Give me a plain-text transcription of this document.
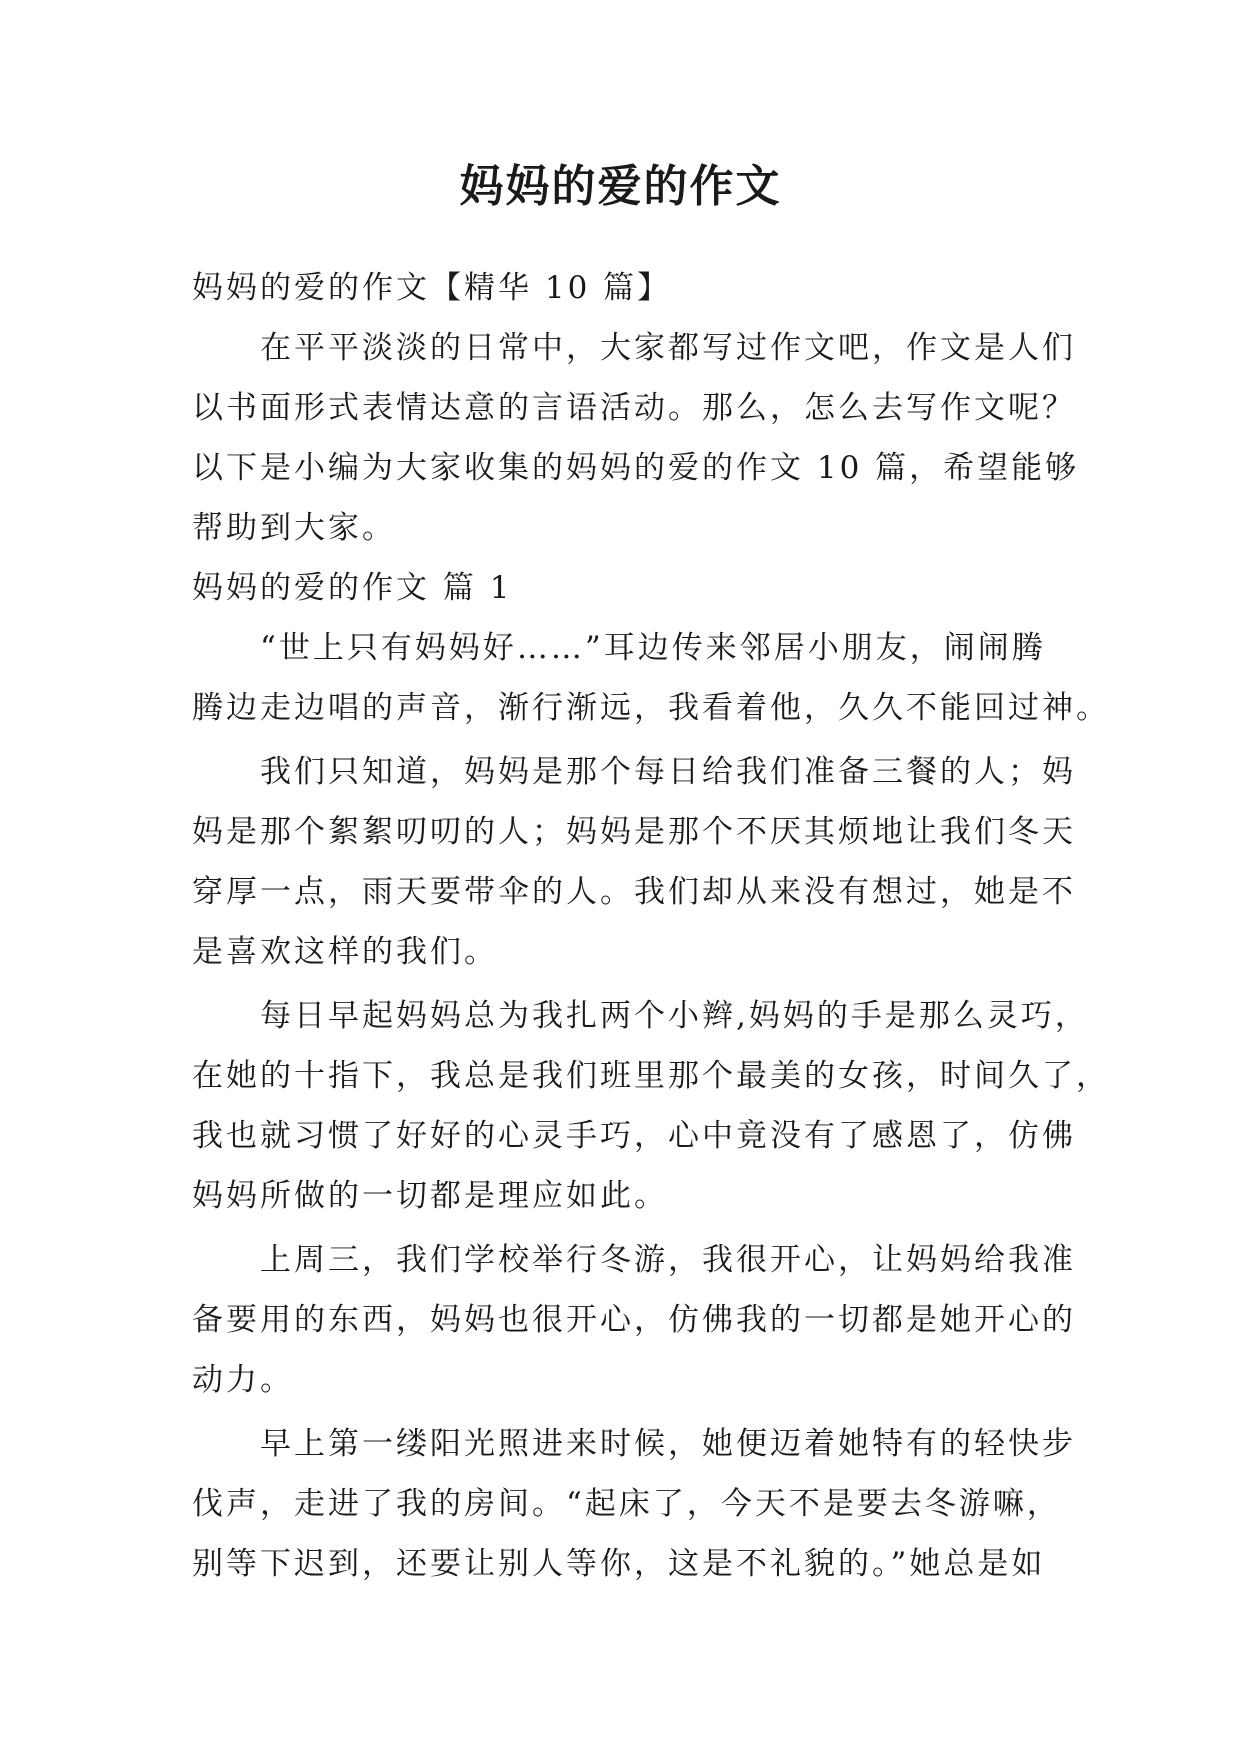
妈妈的爱的作文
妈妈的爱的作文【精华 10 篇】
在平平淡淡的日常中，大家都写过作文吧，作文是人们
以书面形式表情达意的言语活动。那么，怎么去写作文呢？
以下是小编为大家收集的妈妈的爱的作文 10 篇，希望能够
帮助到大家。
妈妈的爱的作文 篇 1
“世上只有妈妈好……”耳边传来邻居小朋友，闹闹腾
腾边走边唱的声音，渐行渐远，我看着他，久久不能回过神。
我们只知道，妈妈是那个每日给我们准备三餐的人；妈
妈是那个絮絮叨叨的人；妈妈是那个不厌其烦地让我们冬天
穿厚一点，雨天要带伞的人。我们却从来没有想过，她是不
是喜欢这样的我们。
每日早起妈妈总为我扎两个小辫,妈妈的手是那么灵巧，
在她的十指下，我总是我们班里那个最美的女孩，时间久了，
我也就习惯了好好的心灵手巧，心中竟没有了感恩了，仿佛
妈妈所做的一切都是理应如此。
上周三，我们学校举行冬游，我很开心，让妈妈给我准
备要用的东西，妈妈也很开心，仿佛我的一切都是她开心的
动力。
早上第一缕阳光照进来时候，她便迈着她特有的轻快步
伐声，走进了我的房间。“起床了，今天不是要去冬游嘛，
别等下迟到，还要让别人等你，这是不礼貌的。”她总是如
